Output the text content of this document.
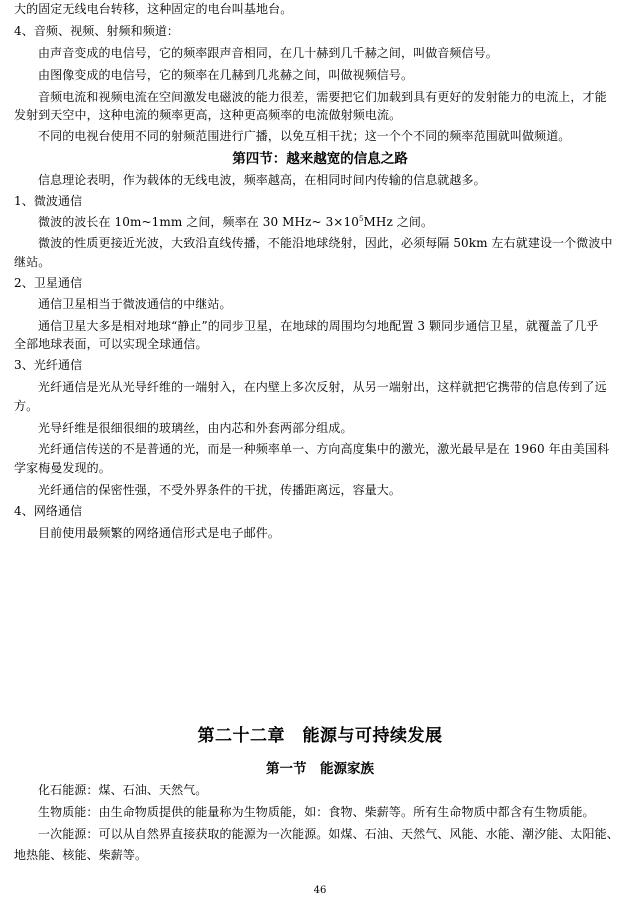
大的固定无线电台转移，这种固定的电台叫基地台。
4、音频、视频、射频和频道：
由声音变成的电信号，它的频率跟声音相同，在几十赫到几千赫之间，叫做音频信号。
由图像变成的电信号，它的频率在几赫到几兆赫之间，叫做视频信号。
音频电流和视频电流在空间激发电磁波的能力很差，需要把它们加载到具有更好的发射能力的电流上，才能
发射到天空中，这种电流的频率更高，这种更高频率的电流做射频电流。
不同的电视台使用不同的射频范围进行广播，以免互相干扰；这一个个不同的频率范围就叫做频道。
第四节：越来越宽的信息之路
信息理论表明，作为载体的无线电波，频率越高，在相同时间内传输的信息就越多。
1、微波通信
微波的波长在 10m~1mm 之间，频率在 30 MHz~ $3\times 10^5MHz$ 之间。
微波的性质更接近光波，大致沿直线传播，不能沿地球绕射，因此，必须每隔 50km 左右就建设一个微波中
继站。
2、卫星通信
通信卫星相当于微波通信的中继站。
通信卫星大多是相对地球“静止”的同步卫星，在地球的周围均匀地配置 3 颗同步通信卫星，就覆盖了几乎
全部地球表面，可以实现全球通信。
3、光纤通信
光纤通信是光从光导纤维的一端射入，在内壁上多次反射，从另一端射出，这样就把它携带的信息传到了远
方。
光导纤维是很细很细的玻璃丝，由内芯和外套两部分组成。
光纤通信传送的不是普通的光，而是一种频率单一、方向高度集中的激光，激光最早是在 1960 年由美国科
学家梅曼发现的。
光纤通信的保密性强，不受外界条件的干扰，传播距离远，容量大。
4、网络通信
目前使用最频繁的网络通信形式是电子邮件。
第二十二章　能源与可持续发展
第一节　能源家族
化石能源：煤、石油、天然气。
生物质能：由生命物质提供的能量称为生物质能，如：食物、柴薪等。所有生命物质中都含有生物质能。
一次能源：可以从自然界直接获取的能源为一次能源。如煤、石油、天然气、风能、水能、潮汐能、太阳能、
地热能、核能、柴薪等。
46
